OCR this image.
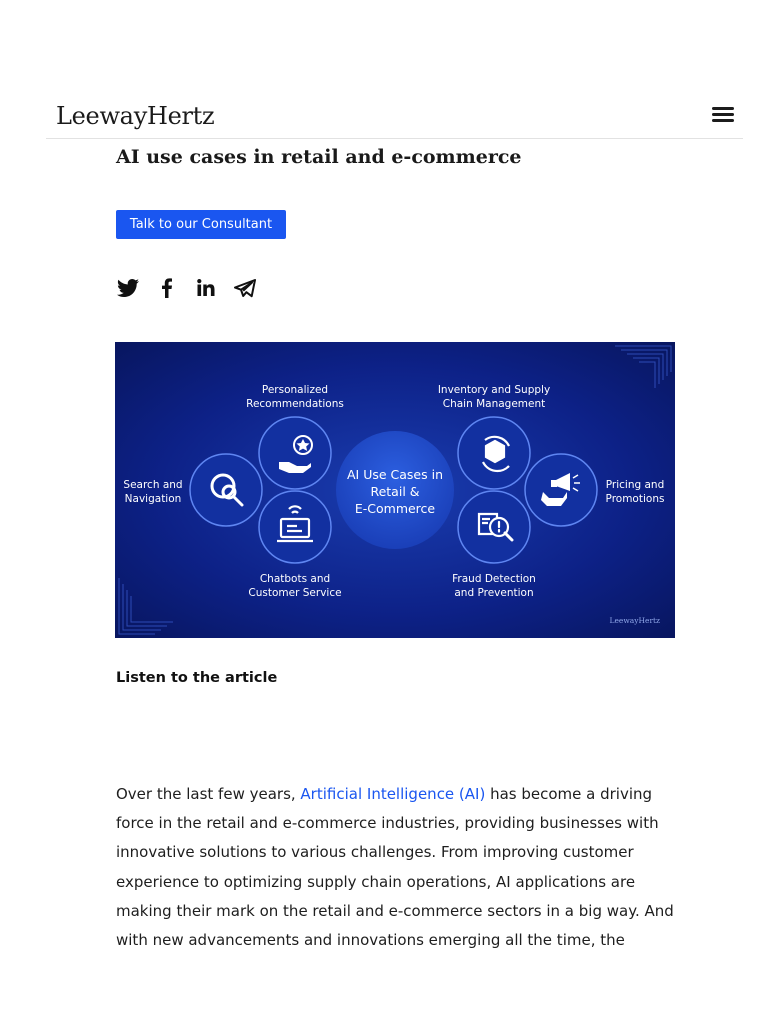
LeewayHertz
AI use cases in retail and e-commerce
Talk to our Consultant
AI Use Cases in
Retail &
E-Commerce
Personalized
Recommendations
Inventory and Supply
Chain Management
Search and
Navigation
Pricing and
Promotions
Chatbots and
Customer Service
Fraud Detection
and Prevention
LeewayHertz
Listen to the article

Over the last few years, Artificial Intelligence (AI) has become a driving force in the retail and e-commerce industries, providing businesses with innovative solutions to various challenges. From improving customer experience to optimizing supply chain operations, AI applications are making their mark on the retail and e-commerce sectors in a big way. And with new advancements and innovations emerging all the time, the
